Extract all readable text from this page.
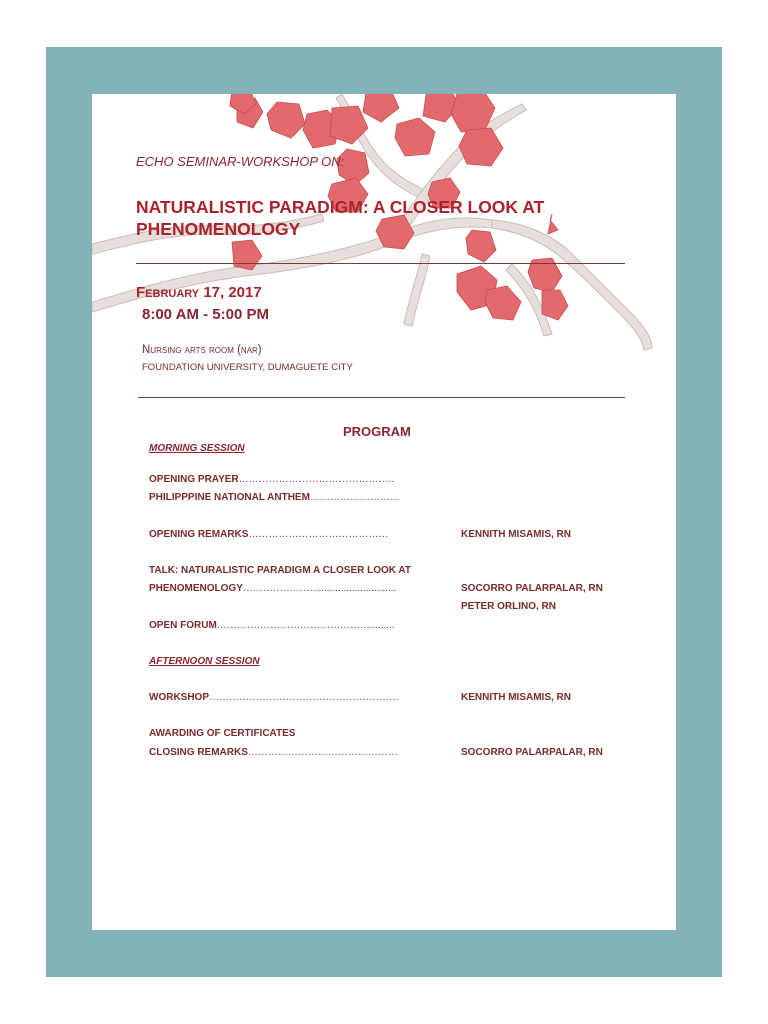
ECHO SEMINAR-WORKSHOP ON:
NATURALISTIC PARADIGM: A CLOSER LOOK AT PHENOMENOLOGY
February 17, 2017
8:00 AM - 5:00 PM
Nursing arts room (nar)
FOUNDATION UNIVERSITY, DUMAGUETE CITY
PROGRAM
MORNING SESSION
OPENING PRAYER………………………………………..
PHILIPPPINE NATIONAL ANTHEM………………………
OPENING REMARKS……………………………………	KENNITH MISAMIS, RN
TALK: NATURALISTIC PARADIGM A CLOSER LOOK AT
PHENOMENOLOGY…………………..............................	SOCORRO PALARPALAR, RN
PETER ORLINO, RN
OPEN FORUM………………………………………..........
AFTERNOON SESSION
WORKSHOP…………………………………………………	KENNITH MISAMIS, RN
AWARDING OF CERTIFICATES
CLOSING REMARKS………………………………………	SOCORRO PALARPALAR, RN
